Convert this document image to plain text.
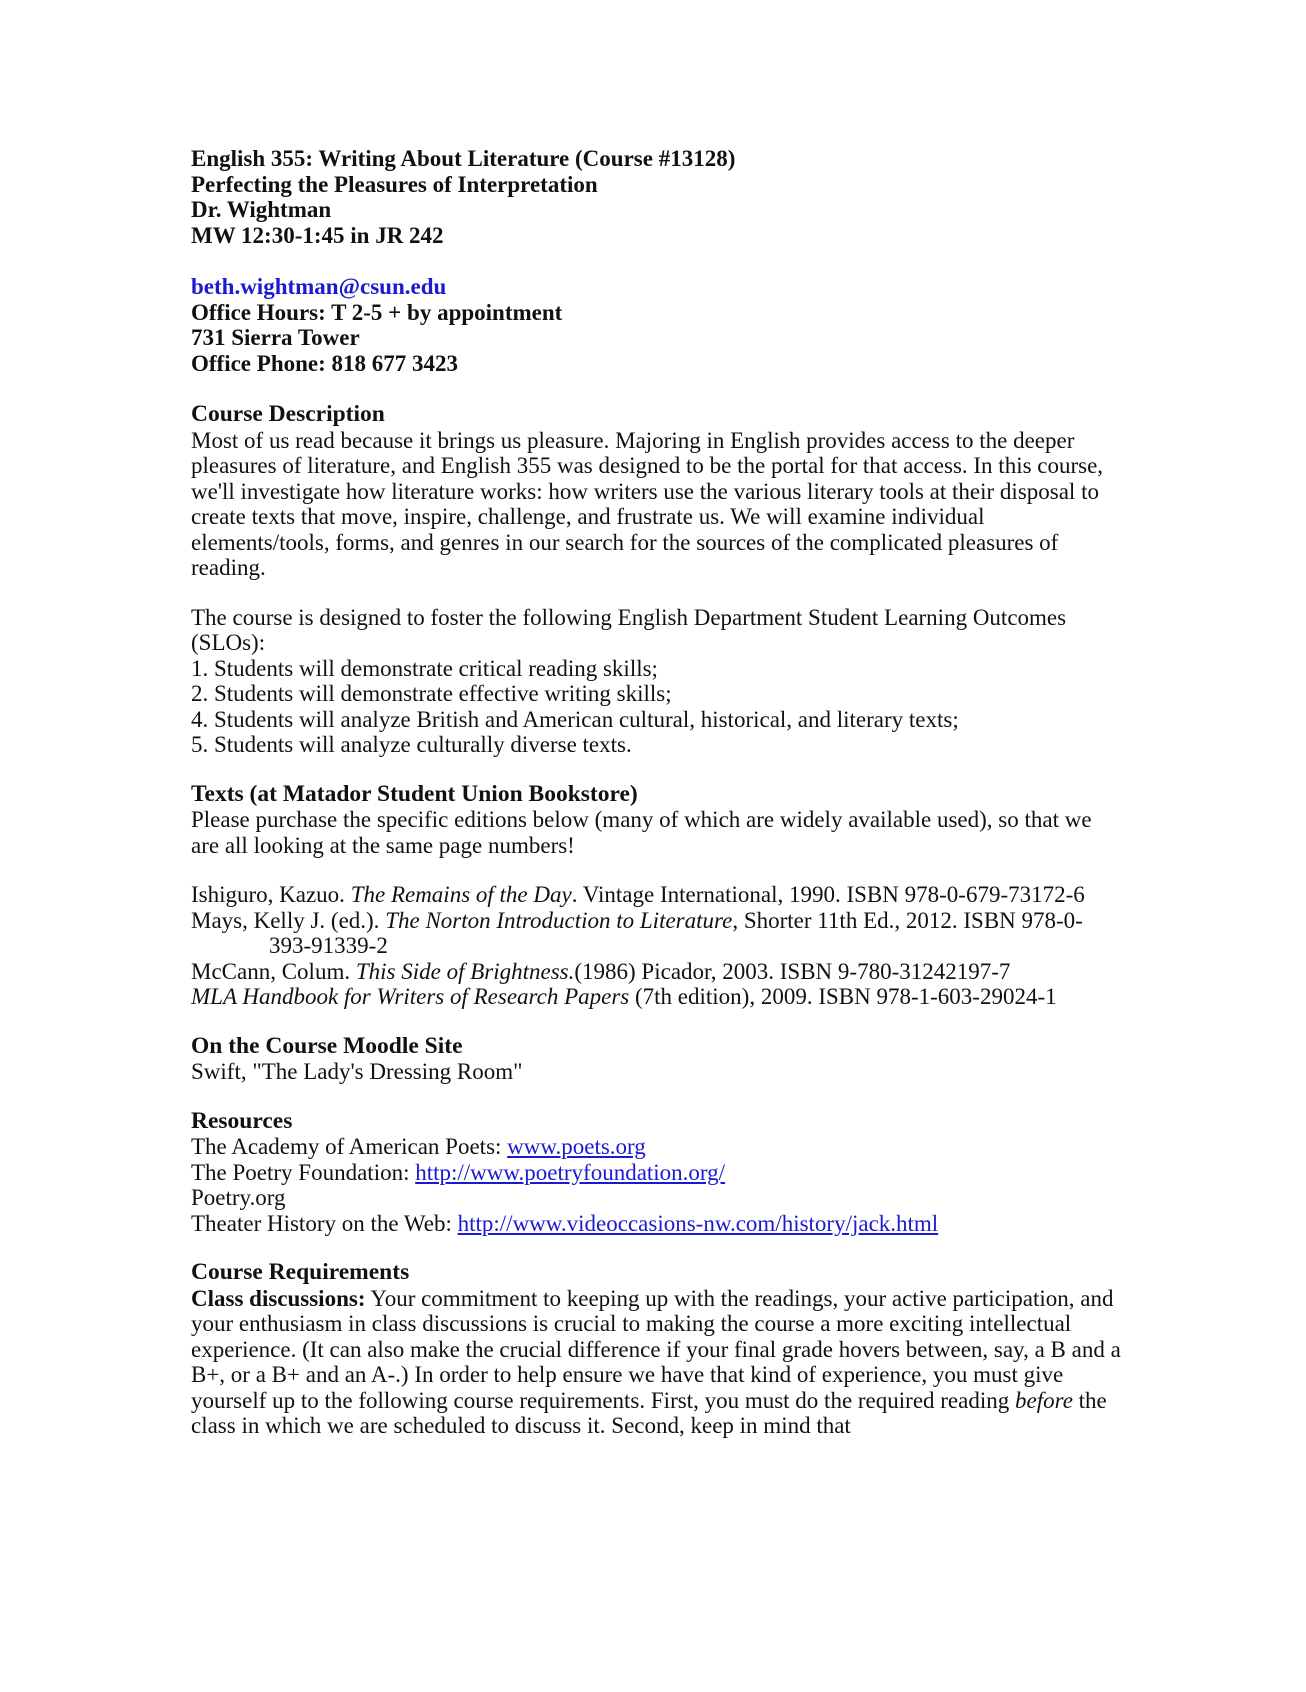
English 355: Writing About Literature (Course #13128)
Perfecting the Pleasures of Interpretation
Dr. Wightman
MW 12:30-1:45 in JR 242
beth.wightman@csun.edu
Office Hours: T 2-5 + by appointment
731 Sierra Tower
Office Phone: 818 677 3423
Course Description
Most of us read because it brings us pleasure. Majoring in English provides access to the deeper pleasures of literature, and English 355 was designed to be the portal for that access. In this course, we'll investigate how literature works: how writers use the various literary tools at their disposal to create texts that move, inspire, challenge, and frustrate us. We will examine individual elements/tools, forms, and genres in our search for the sources of the complicated pleasures of reading.
The course is designed to foster the following English Department Student Learning Outcomes (SLOs):
1. Students will demonstrate critical reading skills;
2. Students will demonstrate effective writing skills;
4. Students will analyze British and American cultural, historical, and literary texts;
5. Students will analyze culturally diverse texts.
Texts (at Matador Student Union Bookstore)
Please purchase the specific editions below (many of which are widely available used), so that we are all looking at the same page numbers!
Ishiguro, Kazuo. The Remains of the Day. Vintage International, 1990. ISBN 978-0-679-73172-6
Mays, Kelly J. (ed.). The Norton Introduction to Literature, Shorter 11th Ed., 2012. ISBN 978-0-393-91339-2
McCann, Colum. This Side of Brightness.(1986) Picador, 2003. ISBN 9-780-31242197-7
MLA Handbook for Writers of Research Papers (7th edition), 2009. ISBN 978-1-603-29024-1
On the Course Moodle Site
Swift, "The Lady's Dressing Room"
Resources
The Academy of American Poets: www.poets.org
The Poetry Foundation: http://www.poetryfoundation.org/
Poetry.org
Theater History on the Web: http://www.videoccasions-nw.com/history/jack.html
Course Requirements
Class discussions: Your commitment to keeping up with the readings, your active participation, and your enthusiasm in class discussions is crucial to making the course a more exciting intellectual experience. (It can also make the crucial difference if your final grade hovers between, say, a B and a B+, or a B+ and an A-.) In order to help ensure we have that kind of experience, you must give yourself up to the following course requirements. First, you must do the required reading before the class in which we are scheduled to discuss it. Second, keep in mind that
